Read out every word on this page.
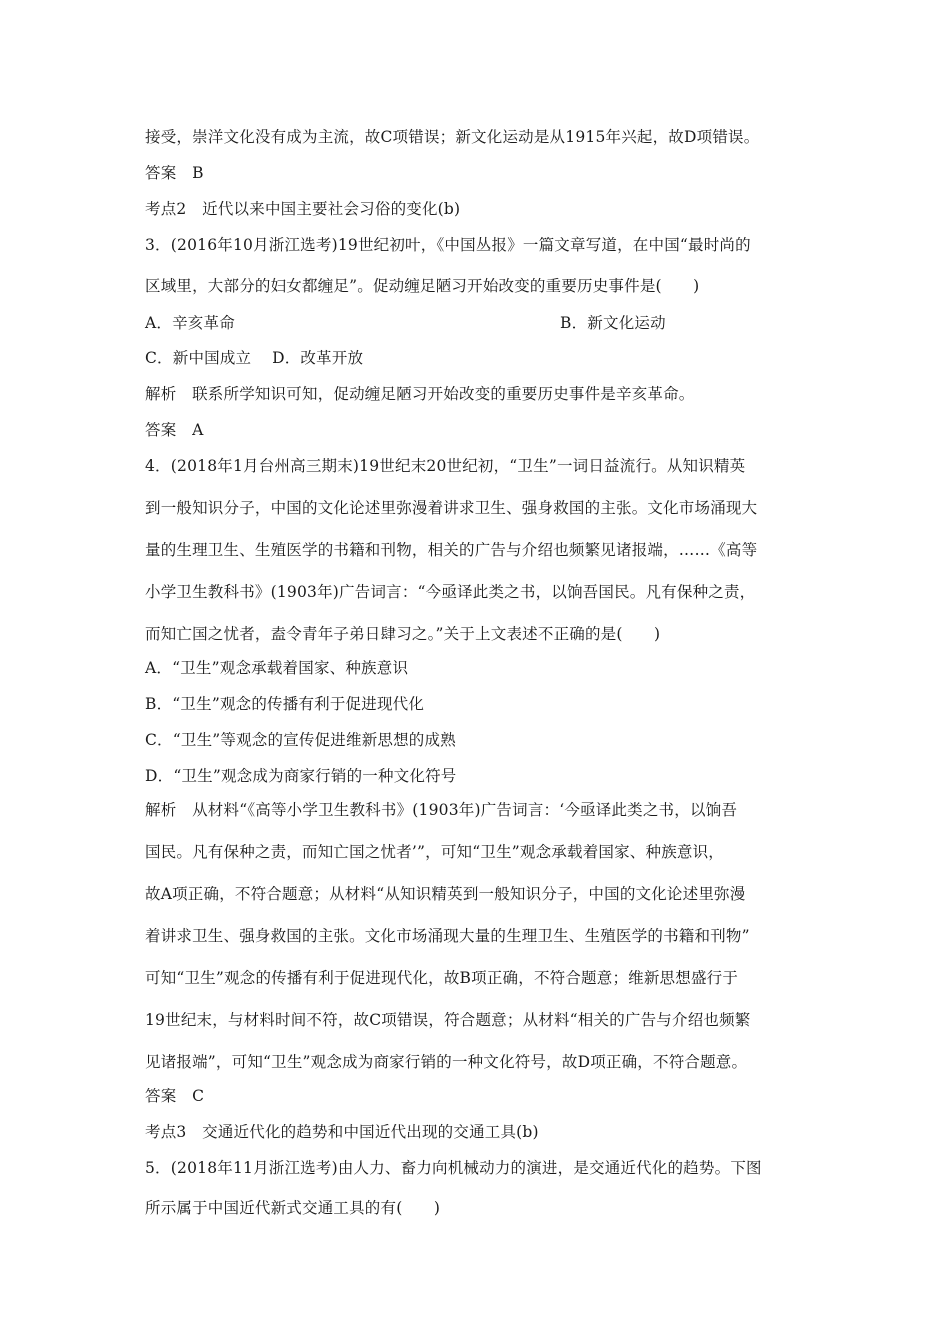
接受，崇洋文化没有成为主流，故C项错误；新文化运动是从1915年兴起，故D项错误。
答案　B
考点2　近代以来中国主要社会习俗的变化(b)
3．(2016年10月浙江选考)19世纪初叶，《中国丛报》一篇文章写道，在中国“最时尚的
区域里，大部分的妇女都缠足”。促动缠足陋习开始改变的重要历史事件是(　　)
A．辛亥革命	B．新文化运动
C．新中国成立　 D．改革开放
解析　联系所学知识可知，促动缠足陋习开始改变的重要历史事件是辛亥革命。
答案　A
4．(2018年1月台州高三期末)19世纪末20世纪初，“卫生”一词日益流行。从知识精英
到一般知识分子，中国的文化论述里弥漫着讲求卫生、强身救国的主张。文化市场涌现大
量的生理卫生、生殖医学的书籍和刊物，相关的广告与介绍也频繁见诸报端，……《高等
小学卫生教科书》(1903年)广告词言：“今亟译此类之书，以饷吾国民。凡有保种之责，
而知亡国之忧者，盍令青年子弟日肆习之。”关于上文表述不正确的是(　　)
A．“卫生”观念承载着国家、种族意识
B．“卫生”观念的传播有利于促进现代化
C．“卫生”等观念的宣传促进维新思想的成熟
D．“卫生”观念成为商家行销的一种文化符号
解析　从材料“《高等小学卫生教科书》(1903年)广告词言：‘今亟译此类之书，以饷吾
国民。凡有保种之责，而知亡国之忧者’”，可知“卫生”观念承载着国家、种族意识，
故A项正确，不符合题意；从材料“从知识精英到一般知识分子，中国的文化论述里弥漫
着讲求卫生、强身救国的主张。文化市场涌现大量的生理卫生、生殖医学的书籍和刊物”
可知“卫生”观念的传播有利于促进现代化，故B项正确，不符合题意；维新思想盛行于
19世纪末，与材料时间不符，故C项错误，符合题意；从材料“相关的广告与介绍也频繁
见诸报端”，可知“卫生”观念成为商家行销的一种文化符号，故D项正确，不符合题意。
答案　C
考点3　交通近代化的趋势和中国近代出现的交通工具(b)
5．(2018年11月浙江选考)由人力、畜力向机械动力的演进，是交通近代化的趋势。下图
所示属于中国近代新式交通工具的有(　　)
